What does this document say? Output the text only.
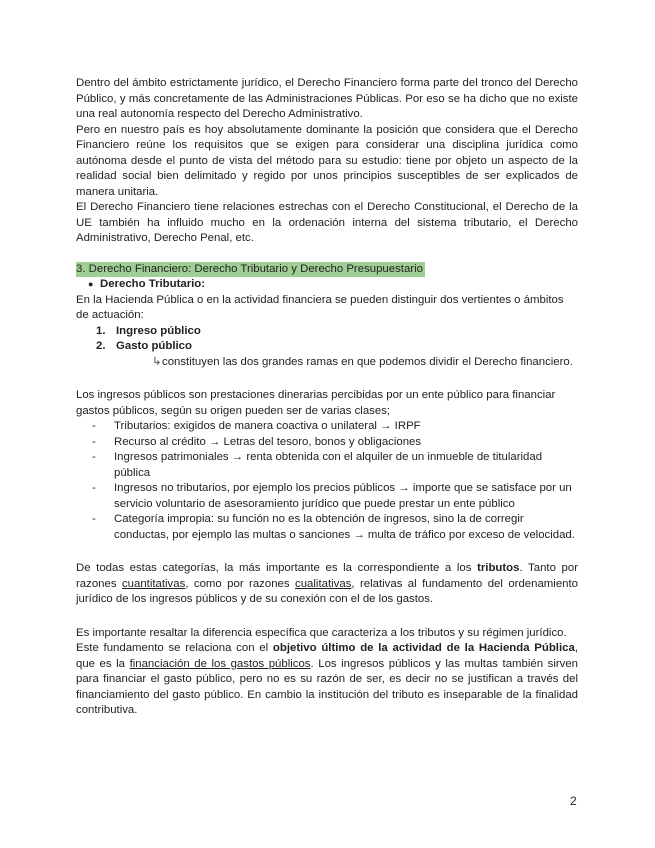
Dentro del ámbito estrictamente jurídico, el Derecho Financiero forma parte del tronco del Derecho Público, y más concretamente de las Administraciones Públicas. Por eso se ha dicho que no existe una real autonomía respecto del Derecho Administrativo.

Pero en nuestro país es hoy absolutamente dominante la posición que considera que el Derecho Financiero reúne los requisitos que se exigen para considerar una disciplina jurídica como autónoma desde el punto de vista del método para su estudio: tiene por objeto un aspecto de la realidad social bien delimitado y regido por unos principios susceptibles de ser explicados de manera unitaria.

El Derecho Financiero tiene relaciones estrechas con el Derecho Constitucional, el Derecho de la UE también ha influido mucho en la ordenación interna del sistema tributario, el Derecho Administrativo, Derecho Penal, etc.

3. Derecho Financiero: Derecho Tributario y Derecho Presupuestario
● Derecho Tributario:

En la Hacienda Pública o en la actividad financiera se pueden distinguir dos vertientes o ámbitos de actuación:

1. Ingreso público
2. Gasto público
↳ constituyen las dos grandes ramas en que podemos dividir el Derecho financiero.

Los ingresos públicos son prestaciones dinerarias percibidas por un ente público para financiar gastos públicos, según su origen pueden ser de varias clases;

-	Tributarios: exigidos de manera coactiva o unilateral → IRPF
-	Recurso al crédito → Letras del tesoro, bonos y obligaciones
-	Ingresos patrimoniales → renta obtenida con el alquiler de un inmueble de titularidad pública
-	Ingresos no tributarios, por ejemplo los precios públicos → importe que se satisface por un servicio voluntario de asesoramiento jurídico que puede prestar un ente público
-	Categoría impropia: su función no es la obtención de ingresos, sino la de corregir conductas, por ejemplo las multas o sanciones → multa de tráfico por exceso de velocidad.

De todas estas categorías, la más importante es la correspondiente a los tributos. Tanto por razones cuantitativas, como por razones cualitativas, relativas al fundamento del ordenamiento jurídico de los ingresos públicos y de su conexión con el de los gastos.

Es importante resaltar la diferencia específica que caracteriza a los tributos y su régimen jurídico.

Este fundamento se relaciona con el objetivo último de la actividad de la Hacienda Pública, que es la financiación de los gastos públicos. Los ingresos públicos y las multas también sirven para financiar el gasto público, pero no es su razón de ser, es decir no se justifican a través del financiamiento del gasto público. En cambio la institución del tributo es inseparable de la finalidad contributiva.

2
